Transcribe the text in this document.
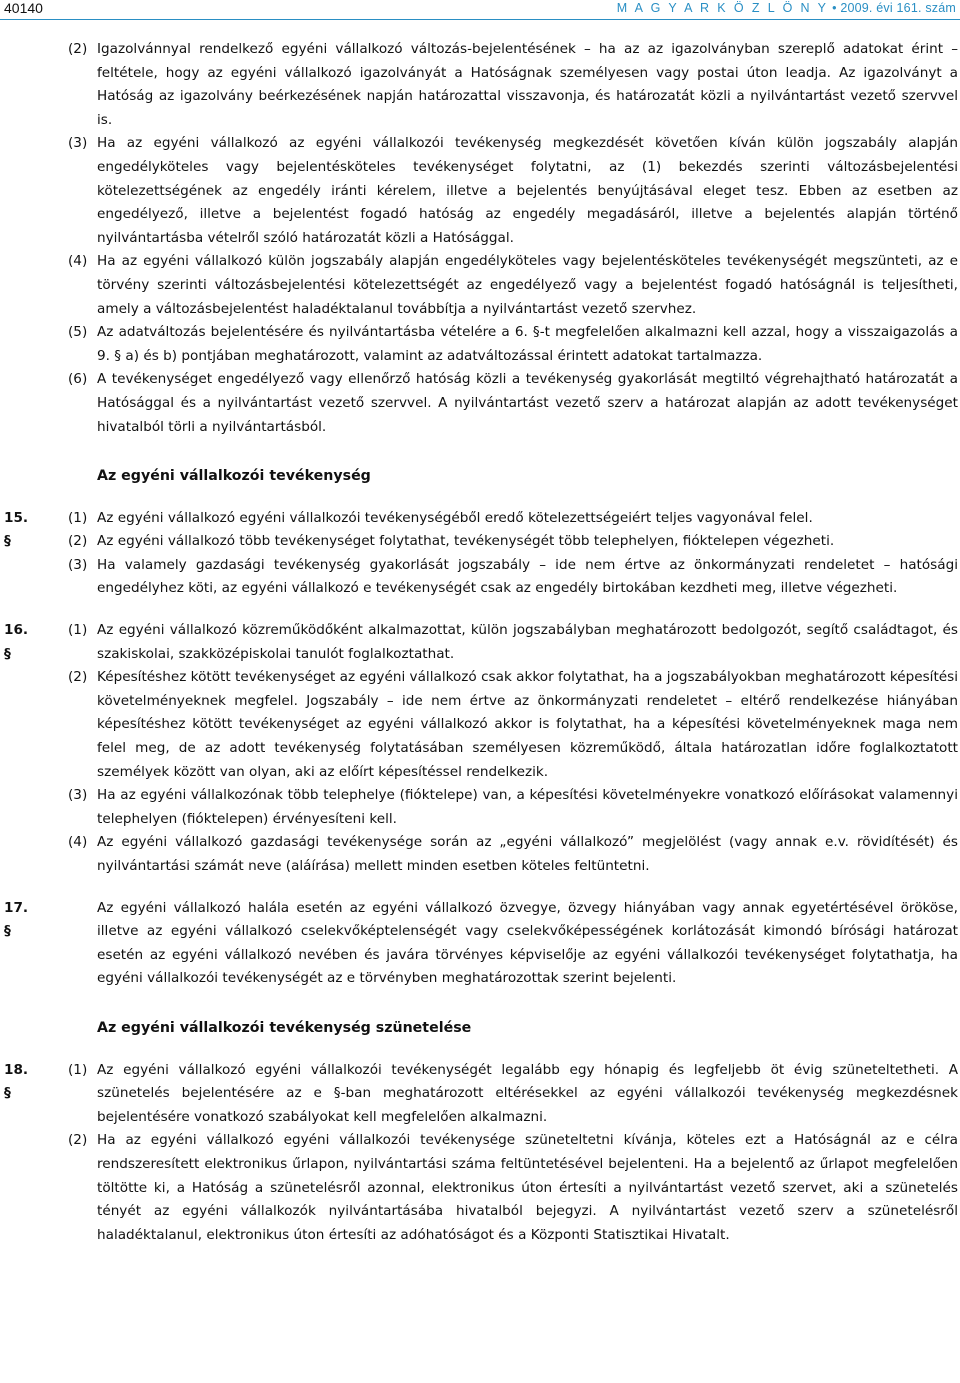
40140	M A G Y A R K Ö Z L Ö N Y • 2009. évi 161. szám
(2) Igazolvánnyal rendelkező egyéni vállalkozó változás-bejelentésének – ha az az igazolványban szereplő adatokat érint – feltétele, hogy az egyéni vállalkozó igazolványát a Hatóságnak személyesen vagy postai úton leadja. Az igazolványt a Hatóság az igazolvány beérkezésének napján határozattal visszavonja, és határozatát közli a nyilvántartást vezető szervvel is.
(3) Ha az egyéni vállalkozó az egyéni vállalkozói tevékenység megkezdését követően kíván külön jogszabály alapján engedélyköteles vagy bejelentésköteles tevékenységet folytatni, az (1) bekezdés szerinti változásbejelentési kötelezettségének az engedély iránti kérelem, illetve a bejelentés benyújtásával eleget tesz. Ebben az esetben az engedélyező, illetve a bejelentést fogadó hatóság az engedély megadásáról, illetve a bejelentés alapján történő nyilvántartásba vételről szóló határozatát közli a Hatósággal.
(4) Ha az egyéni vállalkozó külön jogszabály alapján engedélyköteles vagy bejelentésköteles tevékenységét megszünteti, az e törvény szerinti változásbejelentési kötelezettségét az engedélyező vagy a bejelentést fogadó hatóságnál is teljesítheti, amely a változásbejelentést haladéktalanul továbbítja a nyilvántartást vezető szervhez.
(5) Az adatváltozás bejelentésére és nyilvántartásba vételére a 6. §-t megfelelően alkalmazni kell azzal, hogy a visszaigazolás a 9. § a) és b) pontjában meghatározott, valamint az adatváltozással érintett adatokat tartalmazza.
(6) A tevékenységet engedélyező vagy ellenőrző hatóság közli a tevékenység gyakorlását megtiltó végrehajtható határozatát a Hatósággal és a nyilvántartást vezető szervvel. A nyilvántartást vezető szerv a határozat alapján az adott tevékenységet hivatalból törli a nyilvántartásból.
Az egyéni vállalkozói tevékenység
15. §
(1) Az egyéni vállalkozó egyéni vállalkozói tevékenységéből eredő kötelezettségeiért teljes vagyonával felel.
(2) Az egyéni vállalkozó több tevékenységet folytathat, tevékenységét több telephelyen, fióktelepen végezheti.
(3) Ha valamely gazdasági tevékenység gyakorlását jogszabály – ide nem értve az önkormányzati rendeletet – hatósági engedélyhez köti, az egyéni vállalkozó e tevékenységét csak az engedély birtokában kezdheti meg, illetve végezheti.
16. §
(1) Az egyéni vállalkozó közreműködőként alkalmazottat, külön jogszabályban meghatározott bedolgozót, segítő családtagot, és szakiskolai, szakközépiskolai tanulót foglalkoztathat.
(2) Képesítéshez kötött tevékenységet az egyéni vállalkozó csak akkor folytathat, ha a jogszabályokban meghatározott képesítési követelményeknek megfelel. Jogszabály – ide nem értve az önkormányzati rendeletet – eltérő rendelkezése hiányában képesítéshez kötött tevékenységet az egyéni vállalkozó akkor is folytathat, ha a képesítési követelményeknek maga nem felel meg, de az adott tevékenység folytatásában személyesen közreműködő, általa határozatlan időre foglalkoztatott személyek között van olyan, aki az előírt képesítéssel rendelkezik.
(3) Ha az egyéni vállalkozónak több telephelye (fióktelepe) van, a képesítési követelményekre vonatkozó előírásokat valamennyi telephelyen (fióktelepen) érvényesíteni kell.
(4) Az egyéni vállalkozó gazdasági tevékenysége során az „egyéni vállalkozó” megjelölést (vagy annak e.v. rövidítését) és nyilvántartási számát neve (aláírása) mellett minden esetben köteles feltüntetni.
17. §
Az egyéni vállalkozó halála esetén az egyéni vállalkozó özvegye, özvegy hiányában vagy annak egyetértésével örököse, illetve az egyéni vállalkozó cselekvőképtelenségét vagy cselekvőképességének korlátozását kimondó bírósági határozat esetén az egyéni vállalkozó nevében és javára törvényes képviselője az egyéni vállalkozói tevékenységet folytathatja, ha egyéni vállalkozói tevékenységét az e törvényben meghatározottak szerint bejelenti.
Az egyéni vállalkozói tevékenység szünetelése
18. §
(1) Az egyéni vállalkozó egyéni vállalkozói tevékenységét legalább egy hónapig és legfeljebb öt évig szüneteltetheti. A szünetelés bejelentésére az e §-ban meghatározott eltérésekkel az egyéni vállalkozói tevékenység megkezdésnek bejelentésére vonatkozó szabályokat kell megfelelően alkalmazni.
(2) Ha az egyéni vállalkozó egyéni vállalkozói tevékenysége szüneteltetni kívánja, köteles ezt a Hatóságnál az e célra rendszeresített elektronikus űrlapon, nyilvántartási száma feltüntetésével bejelenteni. Ha a bejelentő az űrlapot megfelelően töltötte ki, a Hatóság a szünetelésről azonnal, elektronikus úton értesíti a nyilvántartást vezető szervet, aki a szünetelés tényét az egyéni vállalkozók nyilvántartásába hivatalból bejegyzi. A nyilvántartást vezető szerv a szünetelésről haladéktalanul, elektronikus úton értesíti az adóhatóságot és a Központi Statisztikai Hivatalt.
